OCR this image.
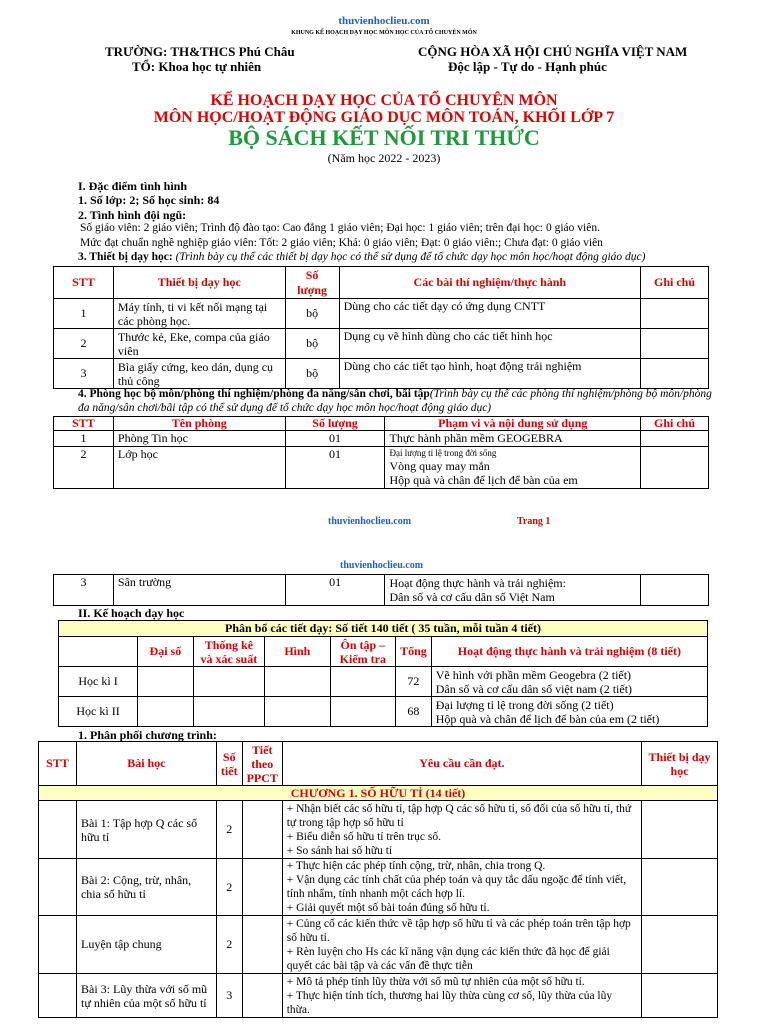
thuvienhoclieu.com
KHUNG KẾ HOẠCH DẠY HỌC MÔN HỌC CỦA TỔ CHUYÊN MÔN
TRƯỜNG: TH&THCS Phú Châu
TỔ: Khoa học tự nhiên
CỘNG HÒA XÃ HỘI CHỦ NGHĨA VIỆT NAM
Độc lập - Tự do - Hạnh phúc
KẾ HOẠCH DẠY HỌC CỦA TỔ CHUYÊN MÔN
MÔN HỌC/HOẠT ĐỘNG GIÁO DỤC MÔN TOÁN, KHỐI LỚP 7
BỘ SÁCH KẾT NỐI TRI THỨC
(Năm học 2022 - 2023)
I. Đặc điểm tình hình
1. Số lớp: 2; Số học sinh: 84
2. Tình hình đội ngũ:
Số giáo viên: 2 giáo viên; Trình độ đào tạo: Cao đẳng 1 giáo viên; Đại học: 1 giáo viên; trên đại học: 0 giáo viên.
Mức đạt chuẩn nghề nghiệp giáo viên: Tốt: 2 giáo viên; Khá: 0 giáo viên; Đạt: 0 giáo viên:; Chưa đạt: 0 giáo viên
3. Thiết bị dạy học: (Trình bày cụ thể các thiết bị dạy học có thể sử dụng để tổ chức dạy học môn học/hoạt động giáo dục)
STT	Thiết bị dạy học	Số lượng	Các bài thí nghiệm/thực hành	Ghi chú
1	Máy tính, ti vi kết nối mạng tại các phòng học.	bộ	Dùng cho các tiết dạy có ứng dụng CNTT	
2	Thước kẻ, Eke, compa của giáo viên	bộ	Dụng cụ vẽ hình dùng cho các tiết hình học	
3	Bìa giấy cứng, keo dán, dụng cụ thủ công	bộ	Dùng cho các tiết tạo hình, hoạt động trải nghiệm	
4. Phòng học bộ môn/phòng thí nghiệm/phòng đa năng/sân chơi, bãi tập(Trình bày cụ thể các phòng thí nghiệm/phòng bộ môn/phòng đa năng/sân chơi/bãi tập có thể sử dụng để tổ chức dạy học môn học/hoạt động giáo dục)
STT	Tên phòng	Số lượng	Phạm vi và nội dung sử dụng	Ghi chú
1	Phòng Tin học	01	Thực hành phần mềm GEOGEBRA	
2	Lớp học	01	Đại lượng tỉ lệ trong đời sống
Vòng quay may mắn
Hộp quà và chân để lịch để bàn của em	

thuvienhoclieu.com	Trang 1
thuvienhoclieu.com
3	Sân trường	01	Hoạt động thực hành và trải nghiệm:
Dân số và cơ cấu dân số Việt Nam

II. Kế hoạch dạy học
Phân bổ các tiết dạy: Số tiết 140 tiết ( 35 tuần, mỗi tuần 4 tiết)						
	Đại số	Thống kê và xác suất	Hình	Ôn tập – Kiểm tra	Tổng	Hoạt động thực hành và trải nghiệm (8 tiết)
Học kì I					72	Vẽ hình với phần mềm Geogebra (2 tiết)
Dân số và cơ cấu dân số việt nam (2 tiết)

Học kì II					68	Đại lượng tỉ lệ trong đời sống (2 tiết)
Hộp quà và chân để lịch để bàn của em (2 tiết)
1. Phân phối chương trình:
STT	Bài học	Số tiết	Tiết theo PPCT	Yêu cầu cần đạt.	Thiết bị dạy học
CHƯƠNG 1. SỐ HỮU TỈ (14 tiết)					
	Bài 1: Tập hợp Q các số hữu tỉ	2		+ Nhận biết các số hữu tỉ, tập hợp Q các số hữu tỉ, số đối của số hữu tỉ, thứ tự trong tập hợp số hữu tỉ
+ Biểu diễn số hữu tỉ trên trục số.
+ So sánh hai số hữu tỉ	

	Bài 2: Cộng, trừ, nhân, chia số hữu tỉ	2		+ Thực hiện các phép tính cộng, trừ, nhân, chia trong Q.
+ Vận dụng các tính chất của phép toán và quy tắc dấu ngoặc để tính viết, tính nhẩm, tính nhanh một cách hợp lí.
+ Giải quyết một số bài toán đúng số hữu tỉ.	

	Luyện tập chung	2		+ Củng cố các kiến thức về tập hợp số hữu tỉ và các phép toán trên tập hợp số hữu tỉ.
+ Rèn luyện cho Hs các kĩ năng vận dụng các kiến thức đã học để giải quyết các bài tập và các vấn đề thực tiễn	

	Bài 3: Lũy thừa với số mũ tự nhiên của một số hữu tỉ	3		+ Mô tả phép tính lũy thừa với số mũ tự nhiên của một số hữu tỉ.
+ Thực hiện tính tích, thương hai lũy thừa cùng cơ số, lũy thừa của lũy thừa.	
